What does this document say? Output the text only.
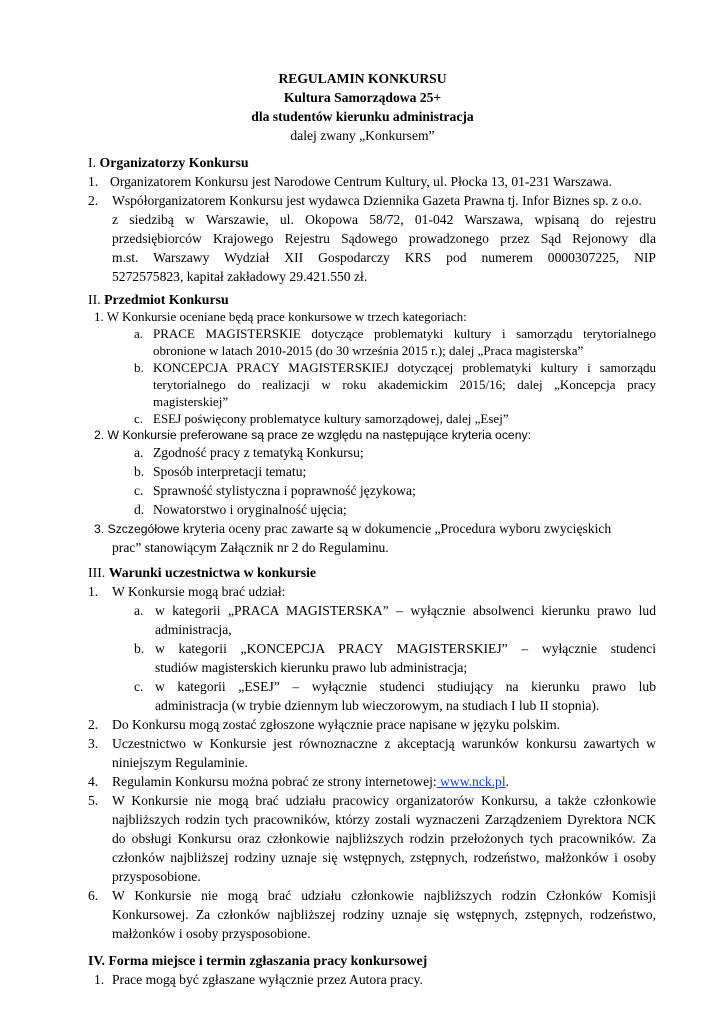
REGULAMIN KONKURSU
Kultura Samorządowa 25+
dla studentów kierunku administracja
dalej zwany „Konkursem”
I. Organizatorzy Konkursu
1. Organizatorem Konkursu jest Narodowe Centrum Kultury, ul. Płocka 13, 01-231 Warszawa.
2. Współorganizatorem Konkursu jest wydawca Dziennika Gazeta Prawna tj. Infor Biznes sp. z o.o.
z siedzibą w Warszawie, ul. Okopowa 58/72, 01-042 Warszawa, wpisaną do rejestru
przedsiębiorców Krajowego Rejestru Sądowego prowadzonego przez Sąd Rejonowy dla
m.st. Warszawy Wydział XII Gospodarczy KRS pod numerem 0000307225, NIP
5272575823, kapitał zakładowy 29.421.550 zł.
II. Przedmiot Konkursu
1. W Konkursie oceniane będą prace konkursowe w trzech kategoriach:
a. PRACE MAGISTERSKIE dotyczące problematyki kultury i samorządu terytorialnego
obronione w latach 2010-2015 (do 30 września 2015 r.); dalej „Praca magisterska”
b. KONCEPCJA PRACY MAGISTERSKIEJ dotyczącej problematyki kultury i samorządu
terytorialnego do realizacji w roku akademickim 2015/16; dalej „Koncepcja pracy
magisterskiej”
c. ESEJ poświęcony problematyce kultury samorządowej, dalej „Esej”
2. W Konkursie preferowane są prace ze względu na następujące kryteria oceny:
a. Zgodność pracy z tematyką Konkursu;
b. Sposób interpretacji tematu;
c. Sprawność stylistyczna i poprawność językowa;
d. Nowatorstwo i oryginalność ujęcia;
3. Szczegółowe kryteria oceny prac zawarte są w dokumencie „Procedura wyboru zwycięskich
prac” stanowiącym Załącznik nr 2 do Regulaminu.
III. Warunki uczestnictwa w konkursie
1. W Konkursie mogą brać udział:
a. w kategorii „PRACA MAGISTERSKA” – wyłącznie absolwenci kierunku prawo lud
administracja,
b. w kategorii „KONCEPCJA PRACY MAGISTERSKIEJ” – wyłącznie studenci
studiów magisterskich kierunku prawo lub administracja;
c. w kategorii „ESEJ” – wyłącznie studenci studiujący na kierunku prawo lub
administracja (w trybie dziennym lub wieczorowym, na studiach I lub II stopnia).
2. Do Konkursu mogą zostać zgłoszone wyłącznie prace napisane w języku polskim.
3. Uczestnictwo w Konkursie jest równoznaczne z akceptacją warunków konkursu zawartych w
niniejszym Regulaminie.
4. Regulamin Konkursu można pobrać ze strony internetowej: www.nck.pl.
5. W Konkursie nie mogą brać udziału pracowicy organizatorów Konkursu, a także członkowie
najbliższych rodzin tych pracowników, którzy zostali wyznaczeni Zarządzeniem Dyrektora NCK
do obsługi Konkursu oraz członkowie najbliższych rodzin przełożonych tych pracowników. Za
członków najbliższej rodziny uznaje się wstępnych, zstępnych, rodzeństwo, małżonków i osoby
przysposobione.
6. W Konkursie nie mogą brać udziału członkowie najbliższych rodzin Członków Komisji
Konkursowej. Za członków najbliższej rodziny uznaje się wstępnych, zstępnych, rodzeństwo,
małżonków i osoby przysposobione.
IV. Forma miejsce i termin zgłaszania pracy konkursowej
1. Prace mogą być zgłaszane wyłącznie przez Autora pracy.
